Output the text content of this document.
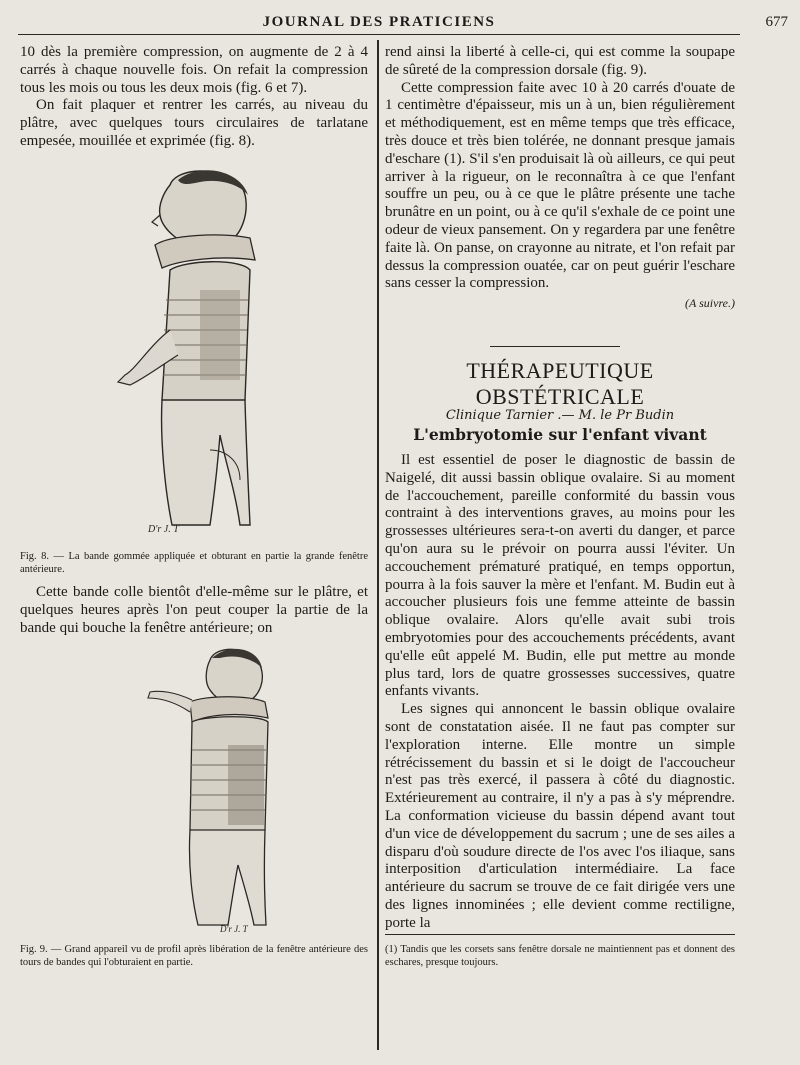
JOURNAL DES PRATICIENS	677

10 dès la première compression, on augmente de 2 à 4 carrés à chaque nouvelle fois. On refait la compression tous les mois ou tous les deux mois (fig. 6 et 7).

On fait plaquer et rentrer les carrés, au niveau du plâtre, avec quelques tours circulaires de tarlatane empesée, mouillée et exprimée (fig. 8).

D'r J. T

Fig. 8. — La bande gommée appliquée et obturant en partie la grande fenêtre antérieure.

Cette bande colle bientôt d'elle-même sur le plâtre, et quelques heures après l'on peut couper la partie de la bande qui bouche la fenêtre antérieure; on

D'r J. T

Fig. 9. — Grand appareil vu de profil après libération de la fenêtre antérieure des tours de bandes qui l'obturaient en partie.

rend ainsi la liberté à celle-ci, qui est comme la soupape de sûreté de la compression dorsale (fig. 9).

Cette compression faite avec 10 à 20 carrés d'ouate de 1 centimètre d'épaisseur, mis un à un, bien régulièrement et méthodiquement, est en même temps que très efficace, très douce et très bien tolérée, ne donnant presque jamais d'eschare (1). S'il s'en produisait là où ailleurs, ce qui peut arriver à la rigueur, on le reconnaîtra à ce que l'enfant souffre un peu, ou à ce que le plâtre présente une tache brunâtre en un point, ou à ce qu'il s'exhale de ce point une odeur de vieux pansement. On y regardera par une fenêtre faite là. On panse, on crayonne au nitrate, et l'on refait par dessus la compression ouatée, car on peut guérir l'eschare sans cesser la compression.

(A suivre.)

THÉRAPEUTIQUE OBSTÉTRICALE
Clinique Tarnier .— M. le Pr Budin
L'embryotomie sur l'enfant vivant

Il est essentiel de poser le diagnostic de bassin de Naigelé, dit aussi bassin oblique ovalaire. Si au moment de l'accouchement, pareille conformité du bassin vous contraint à des interventions graves, au moins pour les grossesses ultérieures sera-t-on averti du danger, et parce qu'on aura su le prévoir on pourra aussi l'éviter. Un accouchement prématuré pratiqué, en temps opportun, pourra à la fois sauver la mère et l'enfant. M. Budin eut à accoucher plusieurs fois une femme atteinte de bassin oblique ovalaire. Alors qu'elle avait subi trois embryotomies pour des accouchements précédents, avant qu'elle eût appelé M. Budin, elle put mettre au monde plus tard, lors de quatre grossesses successives, quatre enfants vivants.

Les signes qui annoncent le bassin oblique ovalaire sont de constatation aisée. Il ne faut pas compter sur l'exploration interne. Elle montre un simple rétrécissement du bassin et si le doigt de l'accoucheur n'est pas très exercé, il passera à côté du diagnostic. Extérieurement au contraire, il n'y a pas à s'y méprendre. La conformation vicieuse du bassin dépend avant tout d'un vice de développement du sacrum ; une de ses ailes a disparu d'où soudure directe de l'os avec l'os iliaque, sans interposition d'articulation intermédiaire. La face antérieure du sacrum se trouve de ce fait dirigée vers une des lignes innominées ; elle devient comme rectiligne, porte la

(1) Tandis que les corsets sans fenêtre dorsale ne maintiennent pas et donnent des eschares, presque toujours.
